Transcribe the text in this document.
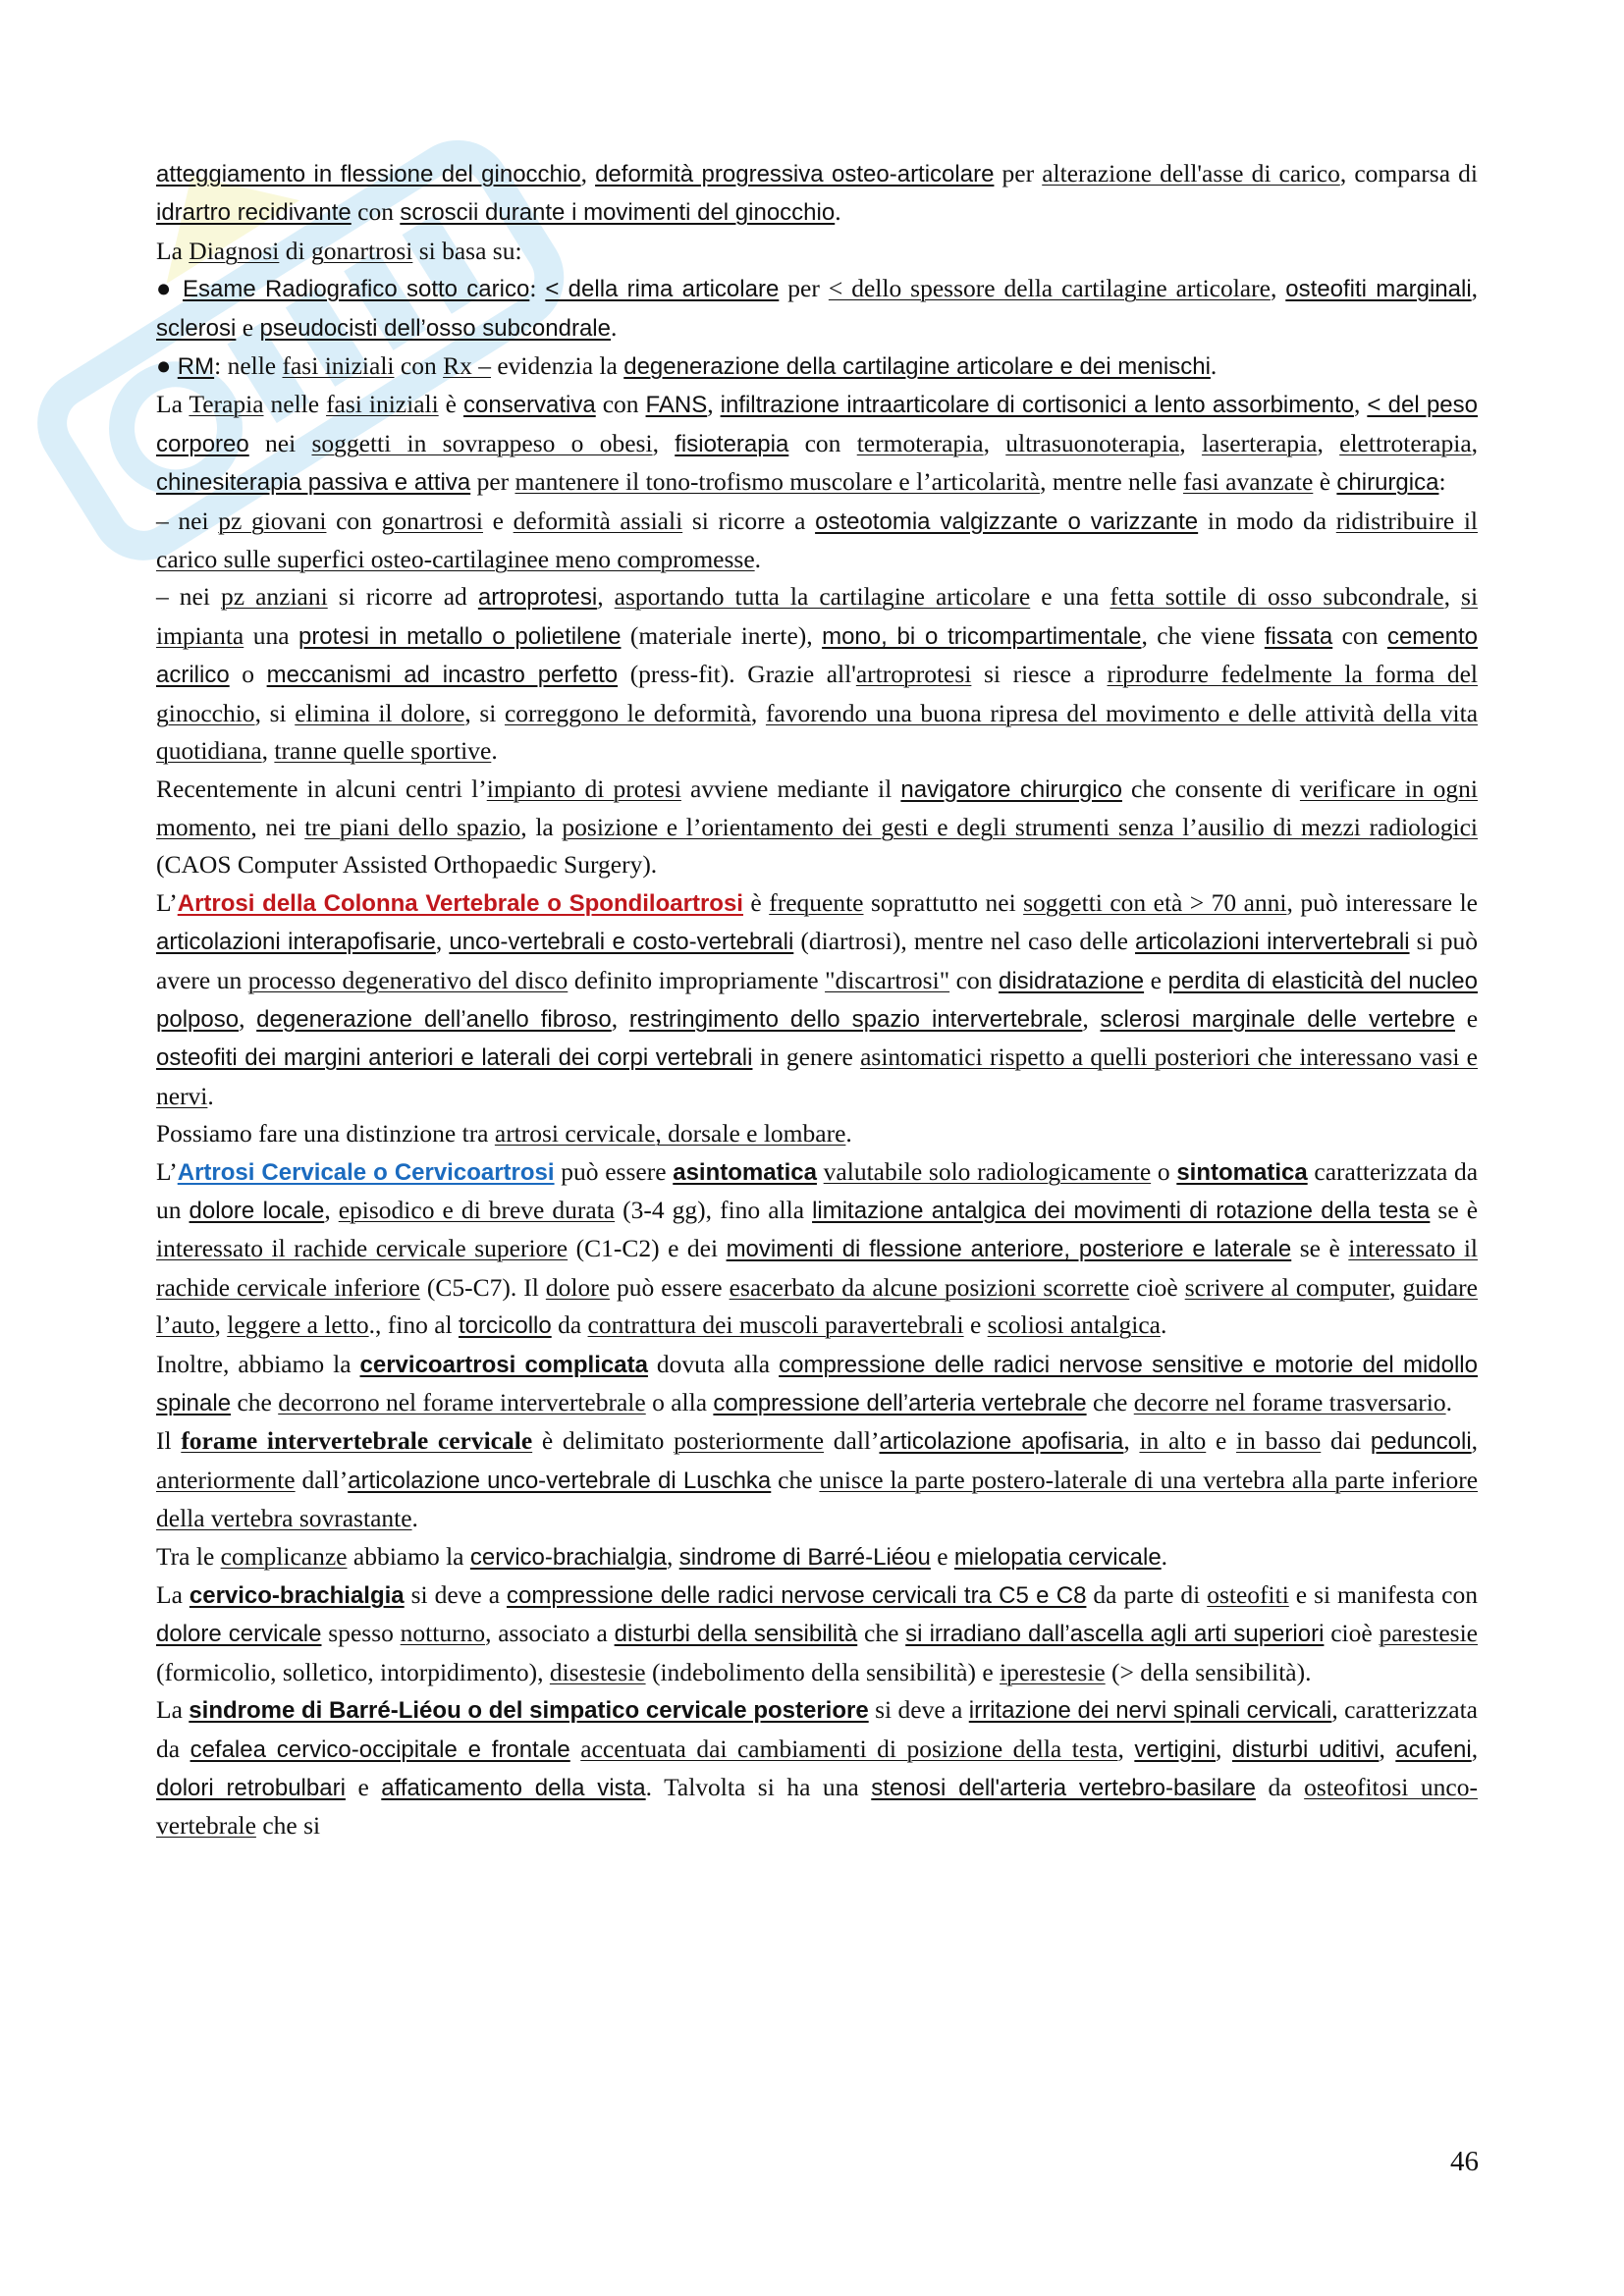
atteggiamento in flessione del ginocchio, deformità progressiva osteo-articolare per alterazione dell'asse di carico, comparsa di idrartro recidivante con scroscii durante i movimenti del ginocchio.

La Diagnosi di gonartrosi si basa su:

● Esame Radiografico sotto carico: < della rima articolare per < dello spessore della cartilagine articolare, osteofiti marginali, sclerosi e pseudocisti dell’osso subcondrale.

● RM: nelle fasi iniziali con Rx – evidenzia la degenerazione della cartilagine articolare e dei menischi.

La Terapia nelle fasi iniziali è conservativa con FANS, infiltrazione intraarticolare di cortisonici a lento assorbimento, < del peso corporeo nei soggetti in sovrappeso o obesi, fisioterapia con termoterapia, ultrasuonoterapia, laserterapia, elettroterapia, chinesiterapia passiva e attiva per mantenere il tono-trofismo muscolare e l’articolarità, mentre nelle fasi avanzate è chirurgica:

– nei pz giovani con gonartrosi e deformità assiali si ricorre a osteotomia valgizzante o varizzante in modo da ridistribuire il carico sulle superfici osteo-cartilaginee meno compromesse.

– nei pz anziani si ricorre ad artroprotesi, asportando tutta la cartilagine articolare e una fetta sottile di osso subcondrale, si impianta una protesi in metallo o polietilene (materiale inerte), mono, bi o tricompartimentale, che viene fissata con cemento acrilico o meccanismi ad incastro perfetto (press-fit). Grazie all'artroprotesi si riesce a riprodurre fedelmente la forma del ginocchio, si elimina il dolore, si correggono le deformità, favorendo una buona ripresa del movimento e delle attività della vita quotidiana, tranne quelle sportive.

Recentemente in alcuni centri l’impianto di protesi avviene mediante il navigatore chirurgico che consente di verificare in ogni momento, nei tre piani dello spazio, la posizione e l’orientamento dei gesti e degli strumenti senza l’ausilio di mezzi radiologici (CAOS Computer Assisted Orthopaedic Surgery).

L’Artrosi della Colonna Vertebrale o Spondiloartrosi è frequente soprattutto nei soggetti con età > 70 anni, può interessare le articolazioni interapofisarie, unco-vertebrali e costo-vertebrali (diartrosi), mentre nel caso delle articolazioni intervertebrali si può avere un processo degenerativo del disco definito impropriamente "discartrosi" con disidratazione e perdita di elasticità del nucleo polposo, degenerazione dell’anello fibroso, restringimento dello spazio intervertebrale, sclerosi marginale delle vertebre e osteofiti dei margini anteriori e laterali dei corpi vertebrali in genere asintomatici rispetto a quelli posteriori che interessano vasi e nervi.

Possiamo fare una distinzione tra artrosi cervicale, dorsale e lombare.

L’Artrosi Cervicale o Cervicoartrosi può essere asintomatica valutabile solo radiologicamente o sintomatica caratterizzata da un dolore locale, episodico e di breve durata (3-4 gg), fino alla limitazione antalgica dei movimenti di rotazione della testa se è interessato il rachide cervicale superiore (C1-C2) e dei movimenti di flessione anteriore, posteriore e laterale se è interessato il rachide cervicale inferiore (C5-C7). Il dolore può essere esacerbato da alcune posizioni scorrette cioè scrivere al computer, guidare l’auto, leggere a letto., fino al torcicollo da contrattura dei muscoli paravertebrali e scoliosi antalgica.

Inoltre, abbiamo la cervicoartrosi complicata dovuta alla compressione delle radici nervose sensitive e motorie del midollo spinale che decorrono nel forame intervertebrale o alla compressione dell’arteria vertebrale che decorre nel forame trasversario.

Il forame intervertebrale cervicale è delimitato posteriormente dall’articolazione apofisaria, in alto e in basso dai peduncoli, anteriormente dall’articolazione unco-vertebrale di Luschka che unisce la parte postero-laterale di una vertebra alla parte inferiore della vertebra sovrastante.

Tra le complicanze abbiamo la cervico-brachialgia, sindrome di Barré-Liéou e mielopatia cervicale.

La cervico-brachialgia si deve a compressione delle radici nervose cervicali tra C5 e C8 da parte di osteofiti e si manifesta con dolore cervicale spesso notturno, associato a disturbi della sensibilità che si irradiano dall’ascella agli arti superiori cioè parestesie (formicolio, solletico, intorpidimento), disestesie (indebolimento della sensibilità) e iperestesie (> della sensibilità).

La sindrome di Barré-Liéou o del simpatico cervicale posteriore si deve a irritazione dei nervi spinali cervicali, caratterizzata da cefalea cervico-occipitale e frontale accentuata dai cambiamenti di posizione della testa, vertigini, disturbi uditivi, acufeni, dolori retrobulbari e affaticamento della vista. Talvolta si ha una stenosi dell'arteria vertebro-basilare da osteofitosi unco-vertebrale che si

46
